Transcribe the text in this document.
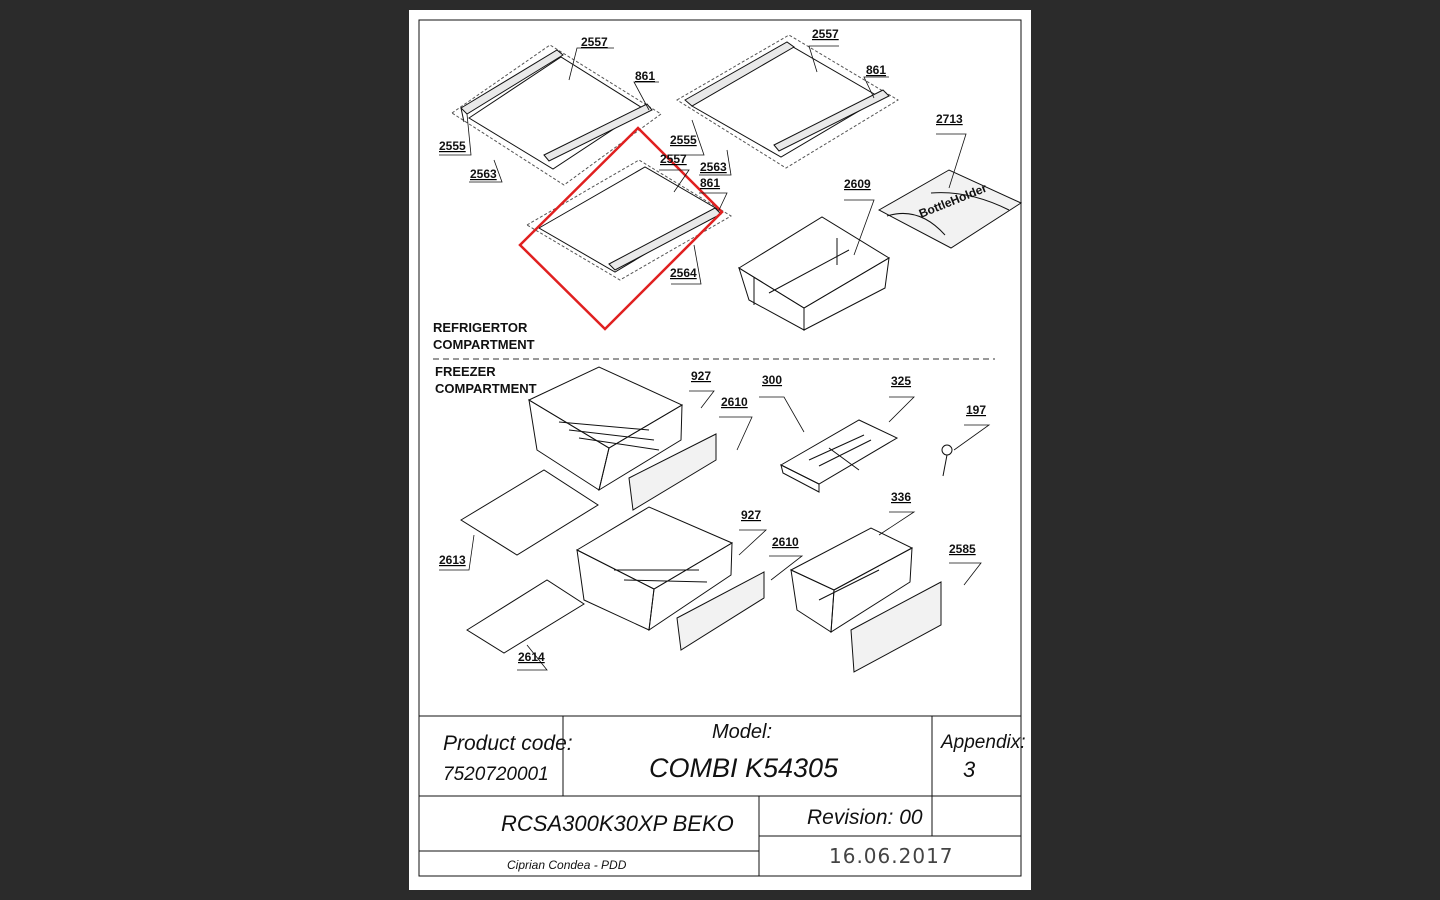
BottleHolder
2557
861
2555
2563
2557
861
2555
2563
2557
861
2564
2713
2609
927
2610
300	325
197
2613
2614
927
2610
336
2585
REFRIGERTOR
COMPARTMENT
FREEZER
COMPARTMENT
Product code:
7520720001
Model:
COMBI K54305
Appendix:
3
RCSA300K30XP BEKO	Revision: 00
Ciprian Condea - PDD	16.06.2017
